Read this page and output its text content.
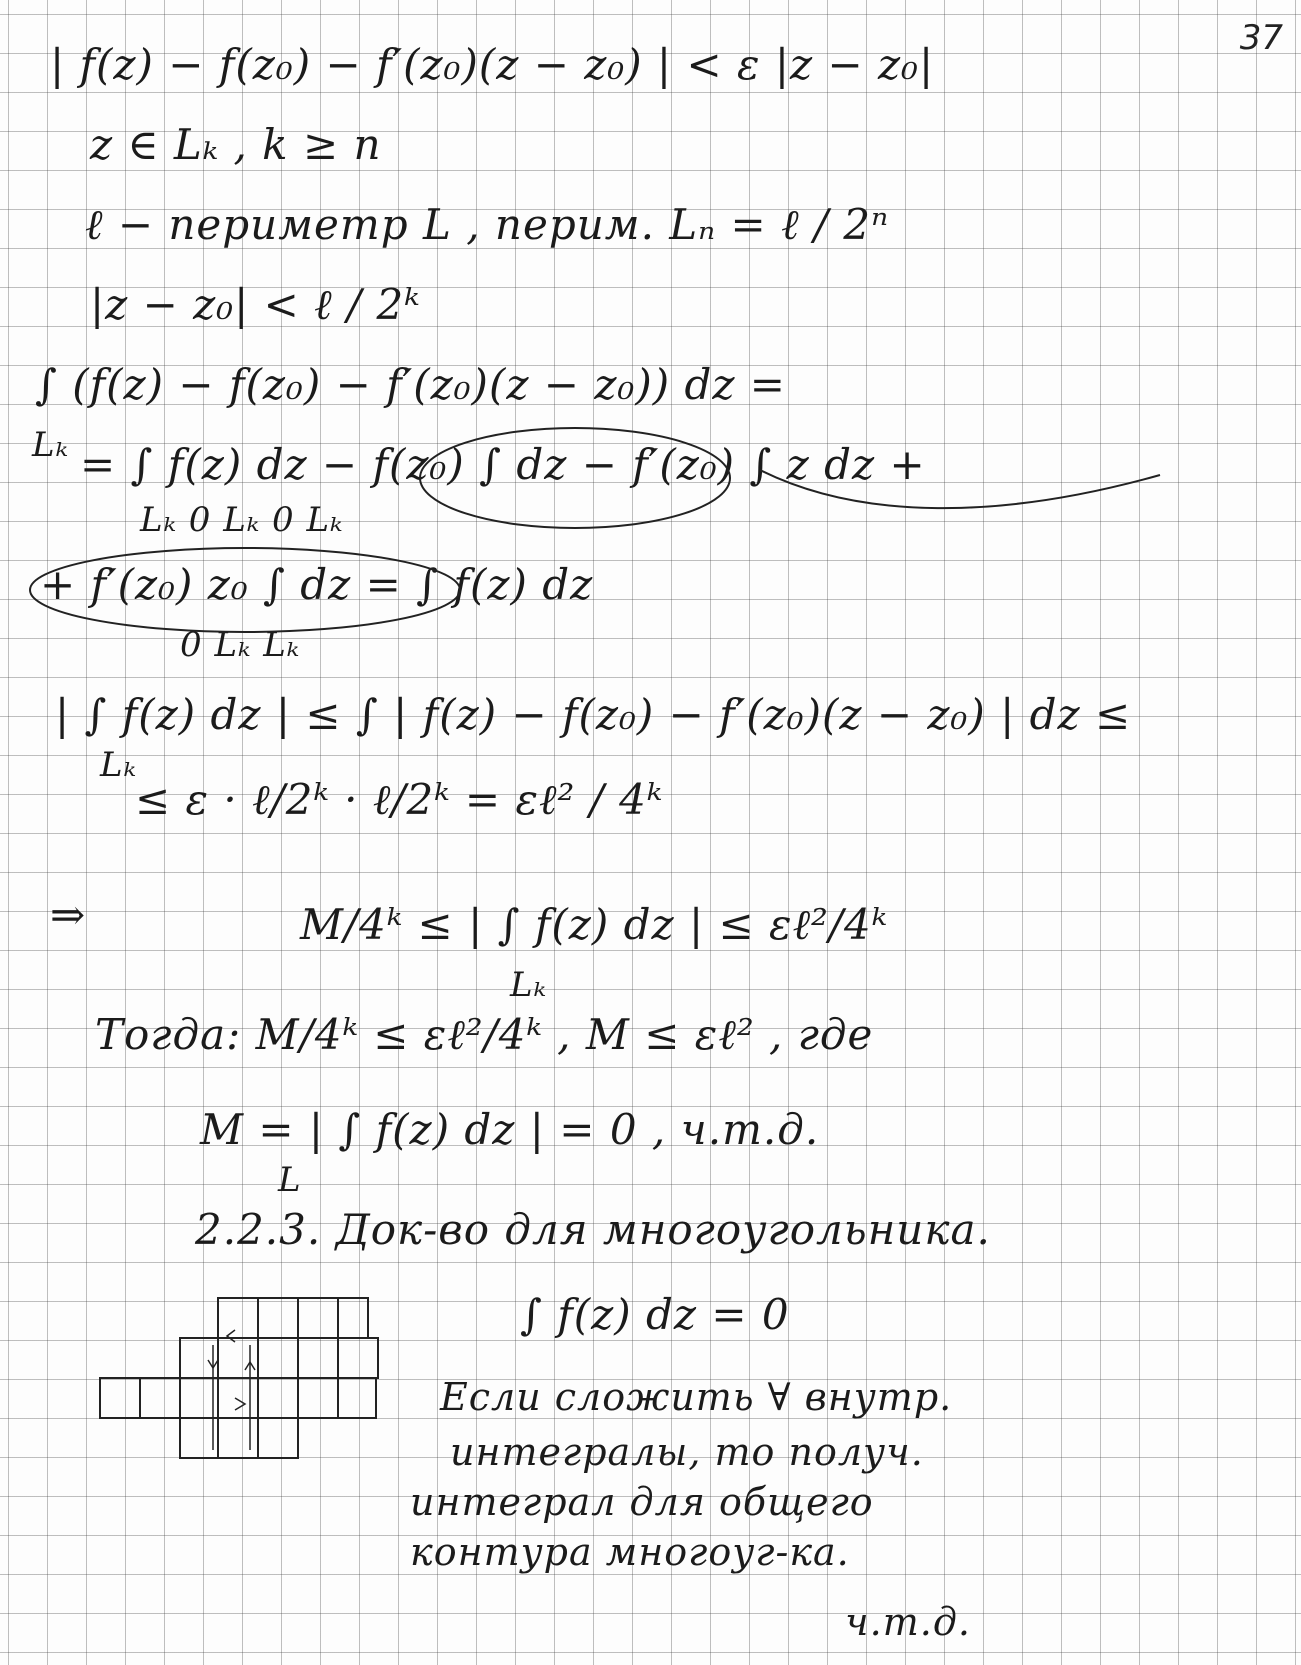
37
| f(z) − f(z₀) − f′(z₀)(z − z₀) | < ε |z − z₀|
z ∈ Lₖ , k ≥ n
ℓ − периметр L , перим. Lₙ = ℓ / 2ⁿ
|z − z₀| < ℓ / 2ᵏ
∫ (f(z) − f(z₀) − f′(z₀)(z − z₀)) dz =
Lₖ = ∫ f(z) dz − f(z₀) ∫ dz − f′(z₀) ∫ z dz +
Lₖ 0 Lₖ 0 Lₖ
+ f′(z₀) z₀ ∫ dz = ∫ f(z) dz
0 Lₖ Lₖ
| ∫ f(z) dz | ≤ ∫ | f(z) − f(z₀) − f′(z₀)(z − z₀) | dz ≤
Lₖ
≤ ε · ℓ/2ᵏ · ℓ/2ᵏ = εℓ² / 4ᵏ
⇒	M/4ᵏ ≤ | ∫ f(z) dz | ≤ εℓ²/4ᵏ
Lₖ
Тогда: M/4ᵏ ≤ εℓ²/4ᵏ , M ≤ εℓ² , где
M = | ∫ f(z) dz | = 0 , ч.т.д.
L
2.2.3. Док-во для многоугольника.
∫ f(z) dz = 0
Если сложить ∀ внутр.
интегралы, то получ.
интеграл для общего
контура многоуг-ка.
ч.т.д.
